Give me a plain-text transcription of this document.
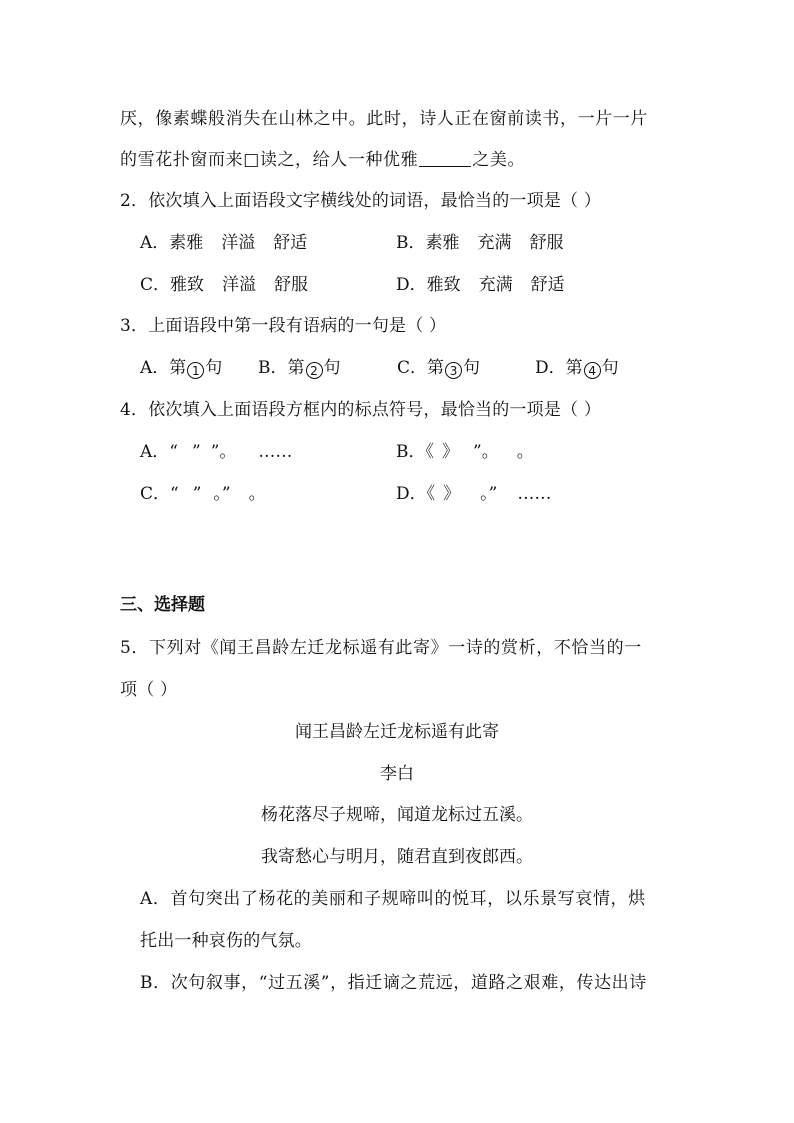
厌，像素蝶般消失在山林之中。此时，诗人正在窗前读书，一片一片
的雪花扑窗而来□读之，给人一种优雅	之美。
2．依次填入上面语段文字横线处的词语，最恰当的一项是（ ）
A．素雅 洋溢 舒适	B．素雅 充满 舒服
C．雅致 洋溢 舒服	D．雅致 充满 舒适
3．上面语段中第一段有语病的一句是（ ）
A．第 1 句 B．第 2 句	C．第 3 句	D．第 4 句
4．依次填入上面语段方框内的标点符号，最恰当的一项是（ ）
A．“ ” ”。 ……	B．《 》 ”。 。
C．“ ” 。” 。	D．《 》 。” ……
三、选择题
5．下列对《闻王昌龄左迁龙标遥有此寄》一诗的赏析，不恰当的一
项（ ）
闻王昌龄左迁龙标遥有此寄
李白
杨花落尽子规啼，闻道龙标过五溪。
我寄愁心与明月，随君直到夜郎西。
A．首句突出了杨花的美丽和子规啼叫的悦耳，以乐景写哀情，烘
托出一种哀伤的气氛。
B．次句叙事，“过五溪”，指迁谪之荒远，道路之艰难，传达出诗
